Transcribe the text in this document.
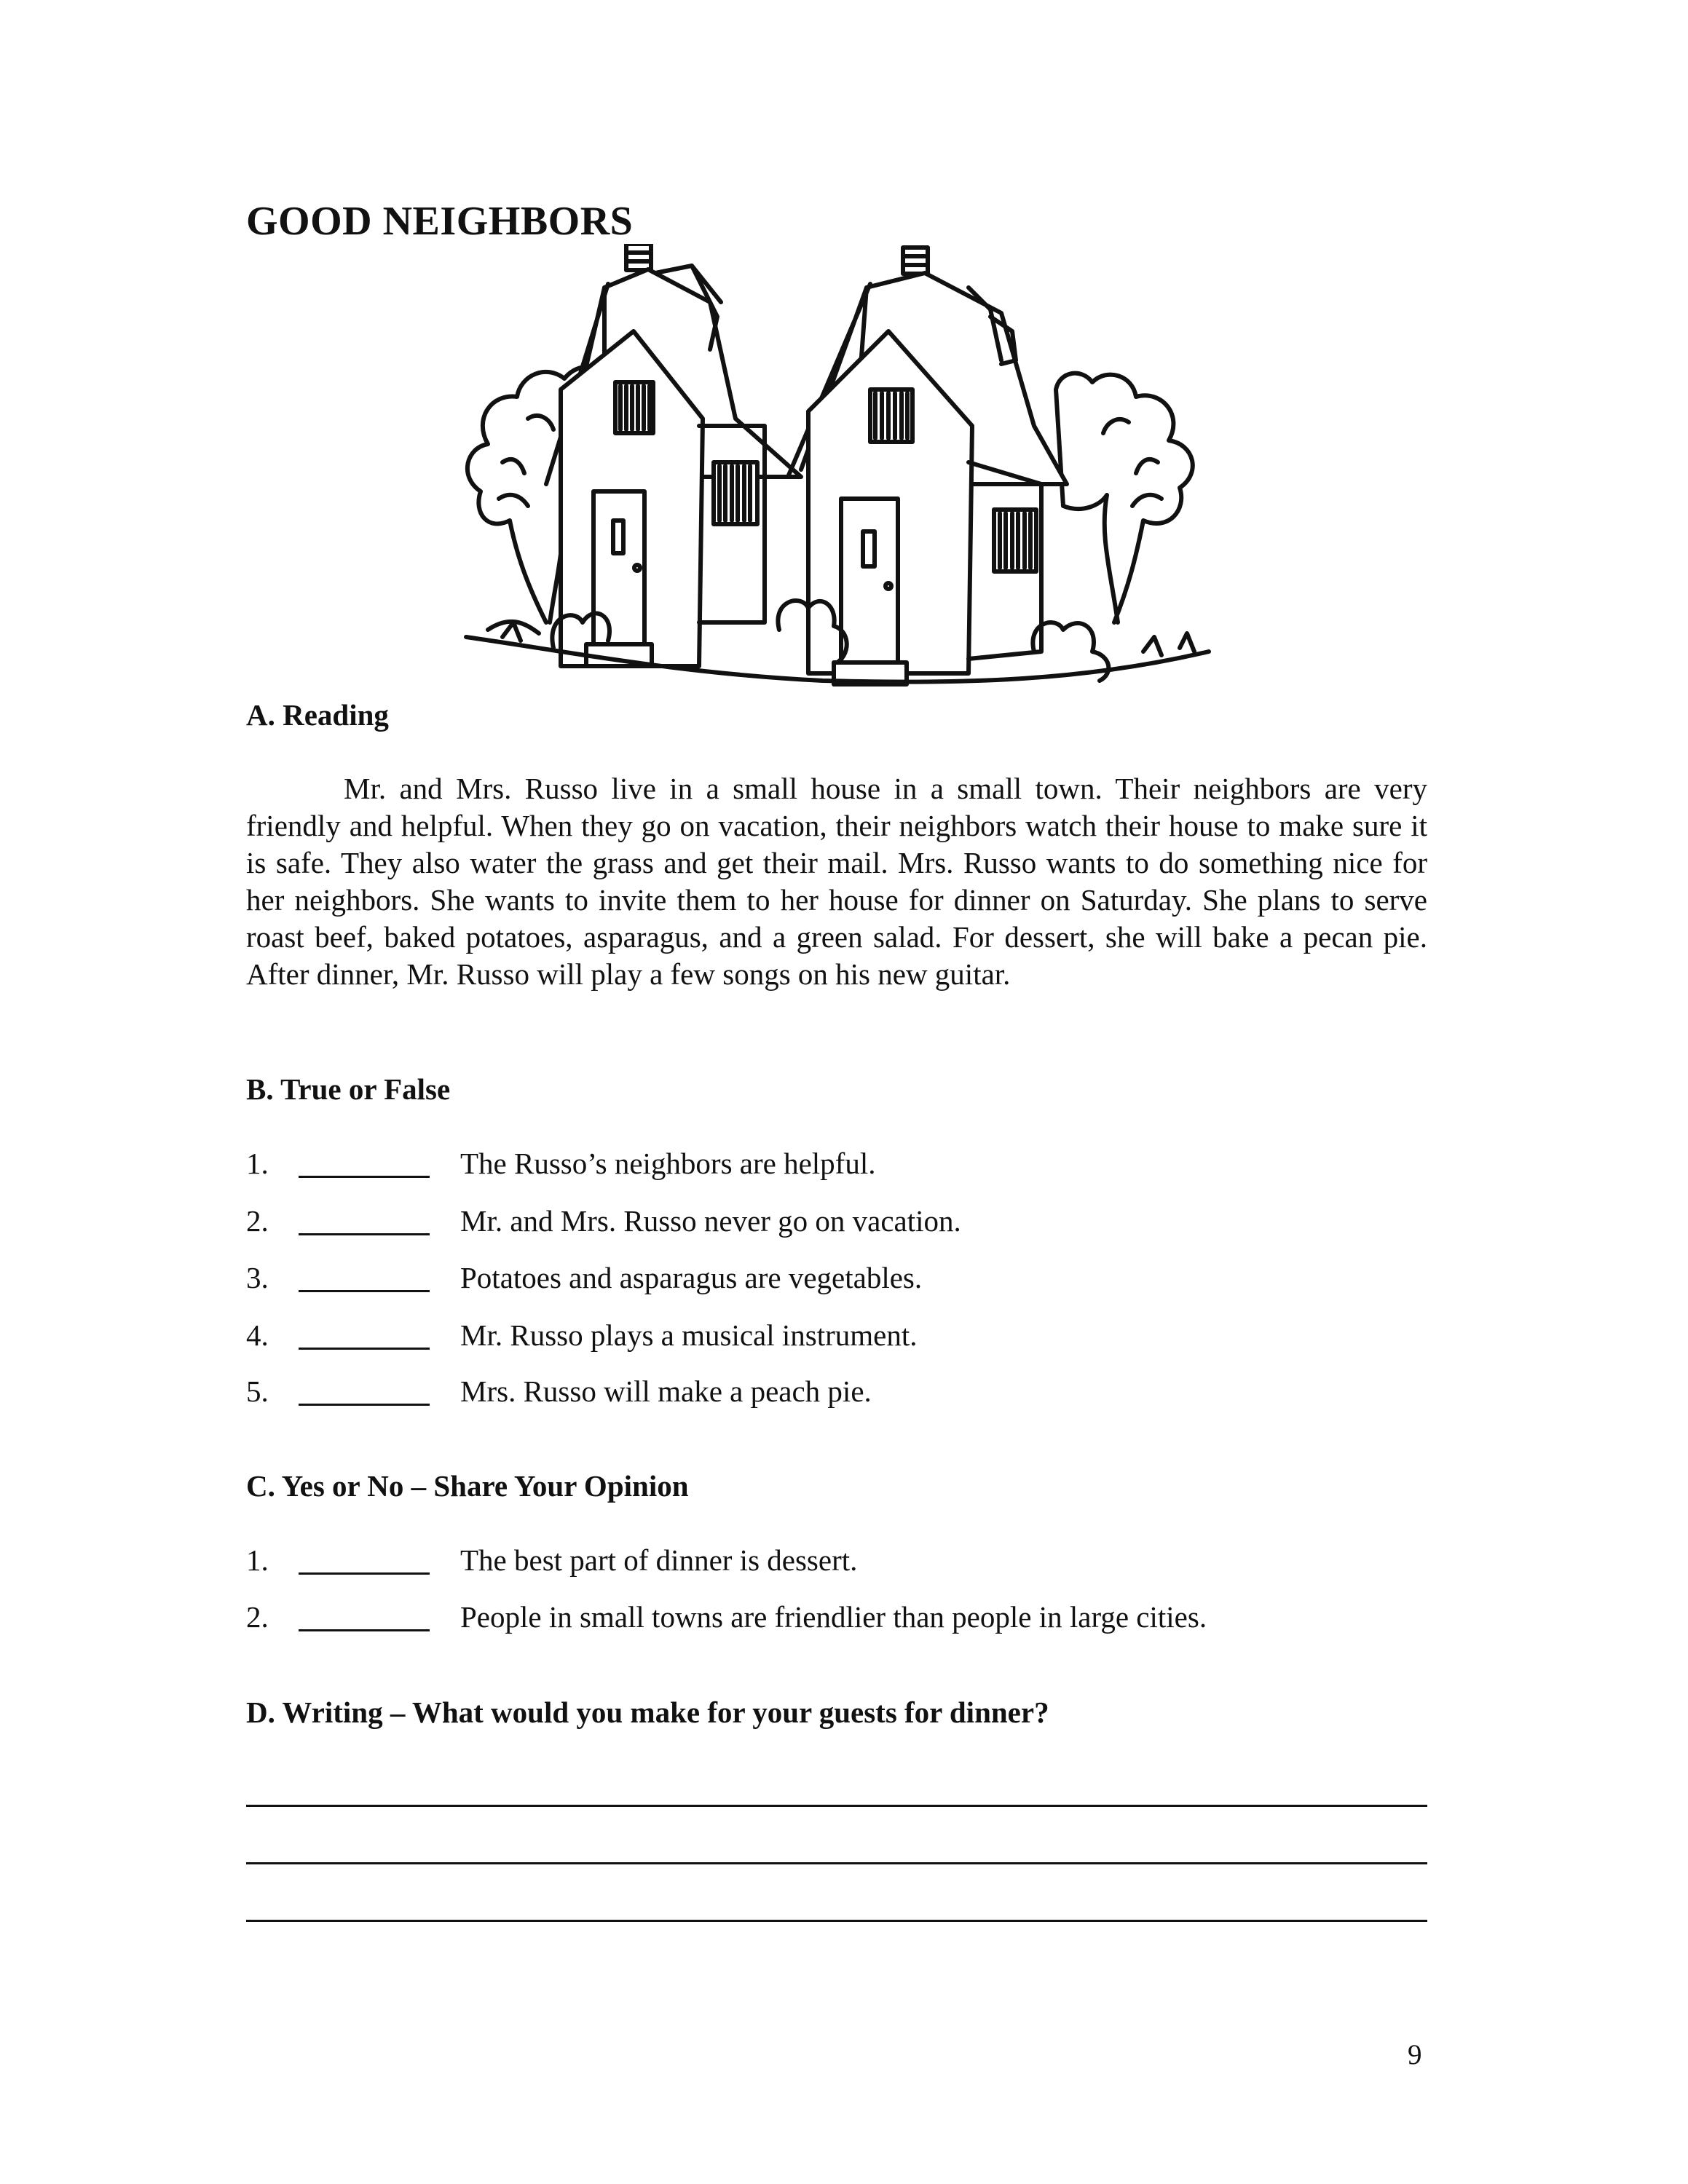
GOOD NEIGHBORS
A. Reading

Mr. and Mrs. Russo live in a small house in a small town. Their neighbors are very friendly and helpful. When they go on vacation, their neighbors watch their house to make sure it is safe. They also water the grass and get their mail. Mrs. Russo wants to do something nice for her neighbors. She wants to invite them to her house for dinner on Saturday. She plans to serve roast beef, baked potatoes, asparagus, and a green salad. For dessert, she will bake a pecan pie. After dinner, Mr. Russo will play a few songs on his new guitar.

B. True or False
1.	The Russo’s neighbors are helpful.
2.	Mr. and Mrs. Russo never go on vacation.
3.	Potatoes and asparagus are vegetables.
4.	Mr. Russo plays a musical instrument.
5.	Mrs. Russo will make a peach pie.
C. Yes or No – Share Your Opinion
1.	The best part of dinner is dessert.
2.	People in small towns are friendlier than people in large cities.
D. Writing – What would you make for your guests for dinner?
9
